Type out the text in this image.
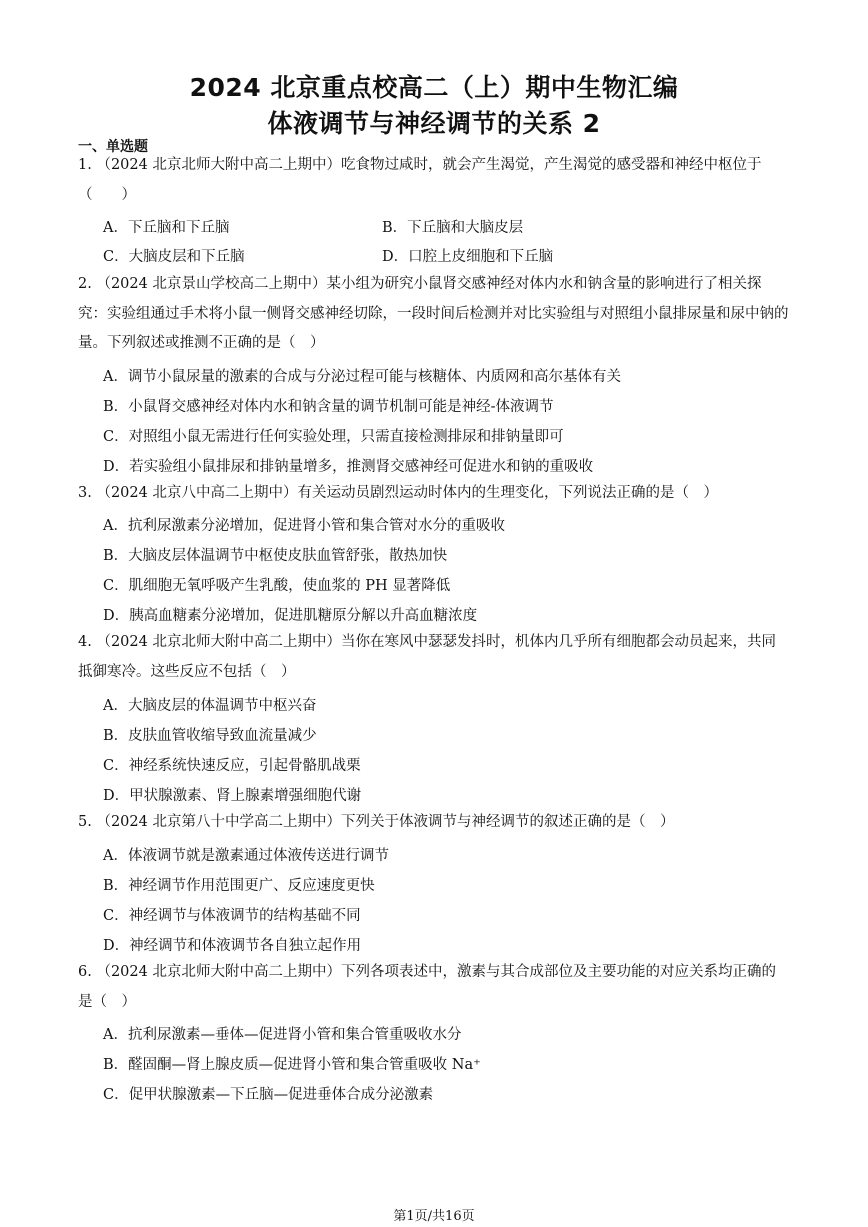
2024 北京重点校高二（上）期中生物汇编
体液调节与神经调节的关系 2
一、单选题
1. （2024 北京北师大附中高二上期中）吃食物过咸时，就会产生渴觉，产生渴觉的感受器和神经中枢位于（　　）
A．下丘脑和下丘脑	B．下丘脑和大脑皮层
C．大脑皮层和下丘脑	D．口腔上皮细胞和下丘脑
2. （2024 北京景山学校高二上期中）某小组为研究小鼠肾交感神经对体内水和钠含量的影响进行了相关探究：实验组通过手术将小鼠一侧肾交感神经切除，一段时间后检测并对比实验组与对照组小鼠排尿量和尿中钠的量。下列叙述或推测不正确的是（　）
A．调节小鼠尿量的激素的合成与分泌过程可能与核糖体、内质网和高尔基体有关
B．小鼠肾交感神经对体内水和钠含量的调节机制可能是神经-体液调节
C．对照组小鼠无需进行任何实验处理，只需直接检测排尿和排钠量即可
D．若实验组小鼠排尿和排钠量增多，推测肾交感神经可促进水和钠的重吸收
3. （2024 北京八中高二上期中）有关运动员剧烈运动时体内的生理变化，下列说法正确的是（　）
A．抗利尿激素分泌增加，促进肾小管和集合管对水分的重吸收
B．大脑皮层体温调节中枢使皮肤血管舒张，散热加快
C．肌细胞无氧呼吸产生乳酸，使血浆的 PH 显著降低
D．胰高血糖素分泌增加，促进肌糖原分解以升高血糖浓度
4. （2024 北京北师大附中高二上期中）当你在寒风中瑟瑟发抖时，机体内几乎所有细胞都会动员起来，共同抵御寒冷。这些反应不包括（　）
A．大脑皮层的体温调节中枢兴奋
B．皮肤血管收缩导致血流量减少
C．神经系统快速反应，引起骨骼肌战栗
D．甲状腺激素、肾上腺素增强细胞代谢
5. （2024 北京第八十中学高二上期中）下列关于体液调节与神经调节的叙述正确的是（　）
A．体液调节就是激素通过体液传送进行调节
B．神经调节作用范围更广、反应速度更快
C．神经调节与体液调节的结构基础不同
D．神经调节和体液调节各自独立起作用
6. （2024 北京北师大附中高二上期中）下列各项表述中，激素与其合成部位及主要功能的对应关系均正确的是（　）
A．抗利尿激素—垂体—促进肾小管和集合管重吸收水分
B．醛固酮—肾上腺皮质—促进肾小管和集合管重吸收 Na⁺
C．促甲状腺激素—下丘脑—促进垂体合成分泌激素
第1页/共16页
